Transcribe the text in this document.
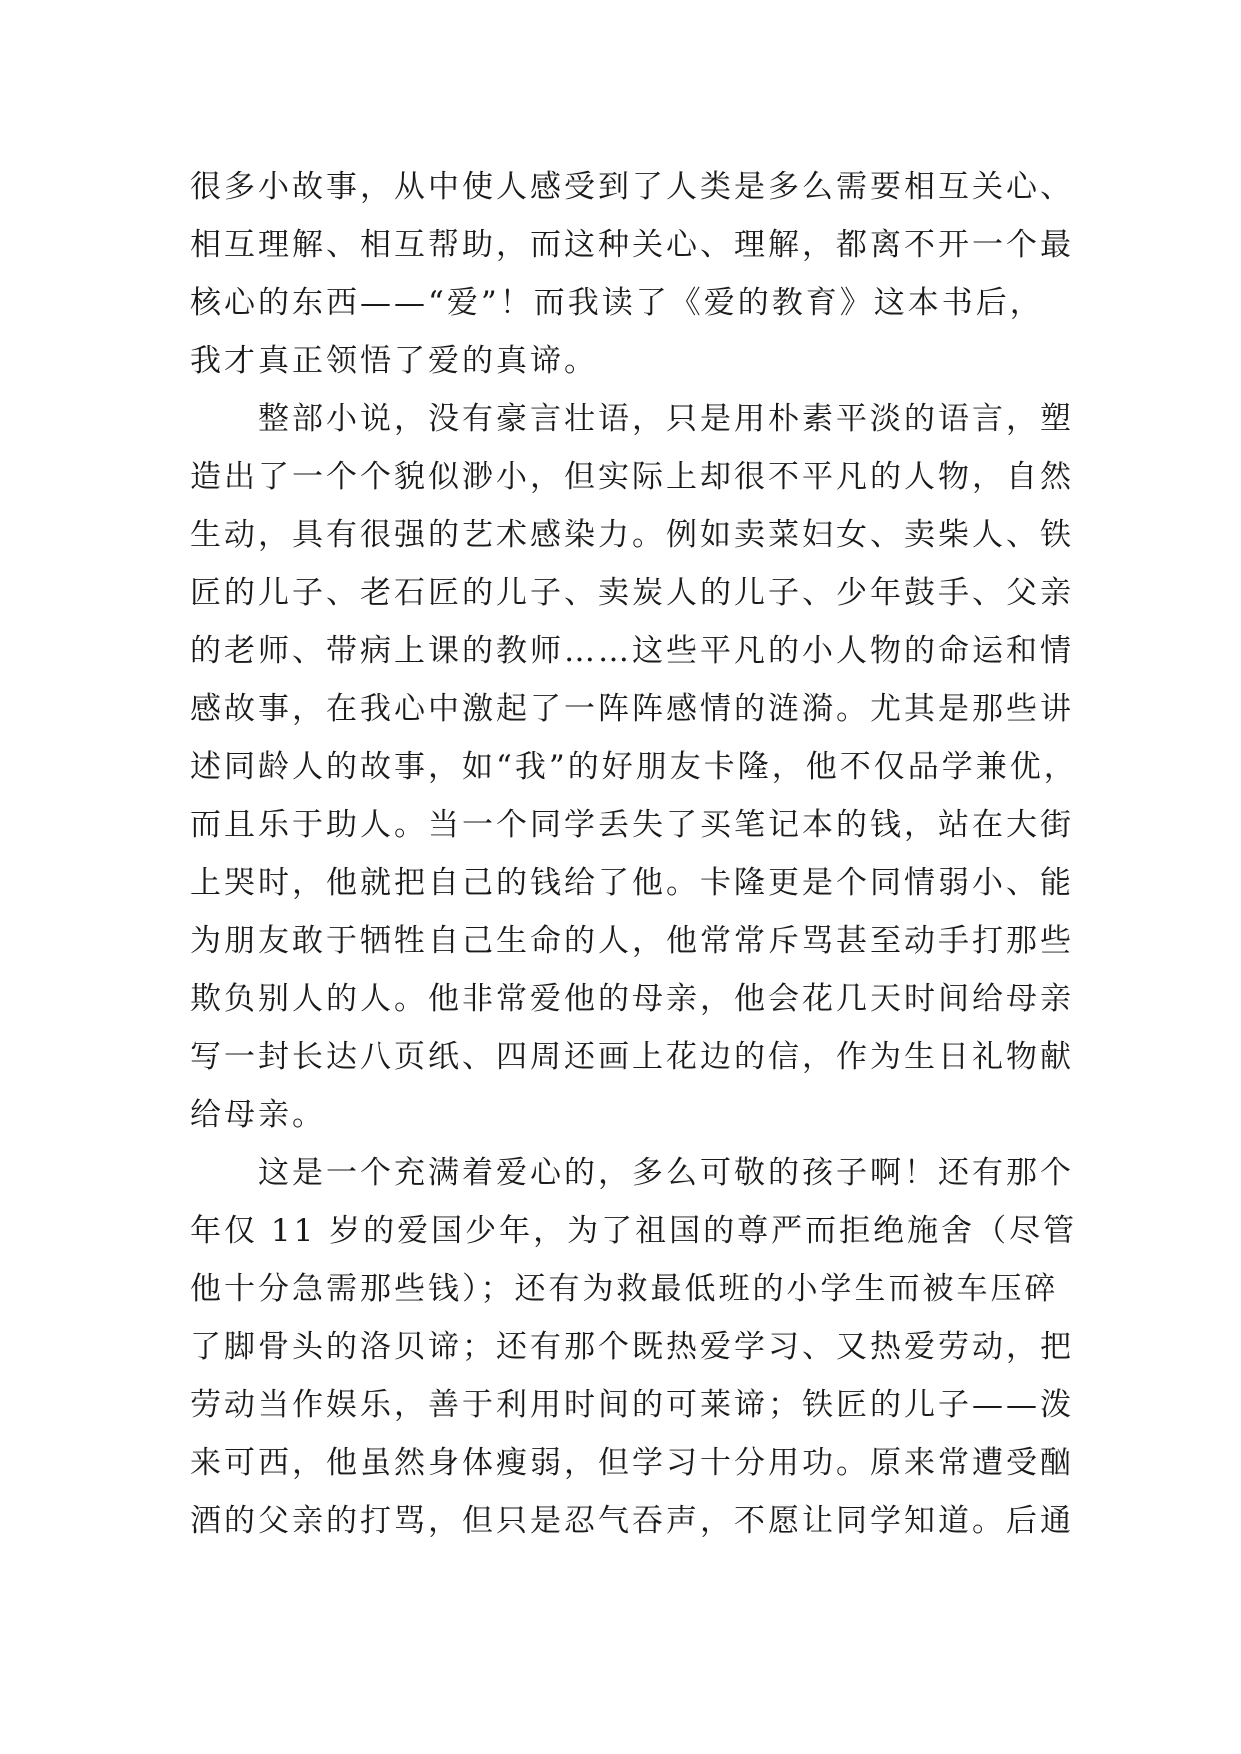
很多小故事，从中使人感受到了人类是多么需要相互关心、
相互理解、相互帮助，而这种关心、理解，都离不开一个最
核心的东西——“爱”！而我读了《爱的教育》这本书后，
我才真正领悟了爱的真谛。
整部小说，没有豪言壮语，只是用朴素平淡的语言，塑
造出了一个个貌似渺小，但实际上却很不平凡的人物，自然
生动，具有很强的艺术感染力。例如卖菜妇女、卖柴人、铁
匠的儿子、老石匠的儿子、卖炭人的儿子、少年鼓手、父亲
的老师、带病上课的教师……这些平凡的小人物的命运和情
感故事，在我心中激起了一阵阵感情的涟漪。尤其是那些讲
述同龄人的故事，如“我”的好朋友卡隆，他不仅品学兼优，
而且乐于助人。当一个同学丢失了买笔记本的钱，站在大街
上哭时，他就把自己的钱给了他。卡隆更是个同情弱小、能
为朋友敢于牺牲自己生命的人，他常常斥骂甚至动手打那些
欺负别人的人。他非常爱他的母亲，他会花几天时间给母亲
写一封长达八页纸、四周还画上花边的信，作为生日礼物献
给母亲。
这是一个充满着爱心的，多么可敬的孩子啊！还有那个
年仅 11 岁的爱国少年，为了祖国的尊严而拒绝施舍（尽管
他十分急需那些钱）；还有为救最低班的小学生而被车压碎
了脚骨头的洛贝谛；还有那个既热爱学习、又热爱劳动，把
劳动当作娱乐，善于利用时间的可莱谛；铁匠的儿子——泼
来可西，他虽然身体瘦弱，但学习十分用功。原来常遭受酗
酒的父亲的打骂，但只是忍气吞声，不愿让同学知道。后通
